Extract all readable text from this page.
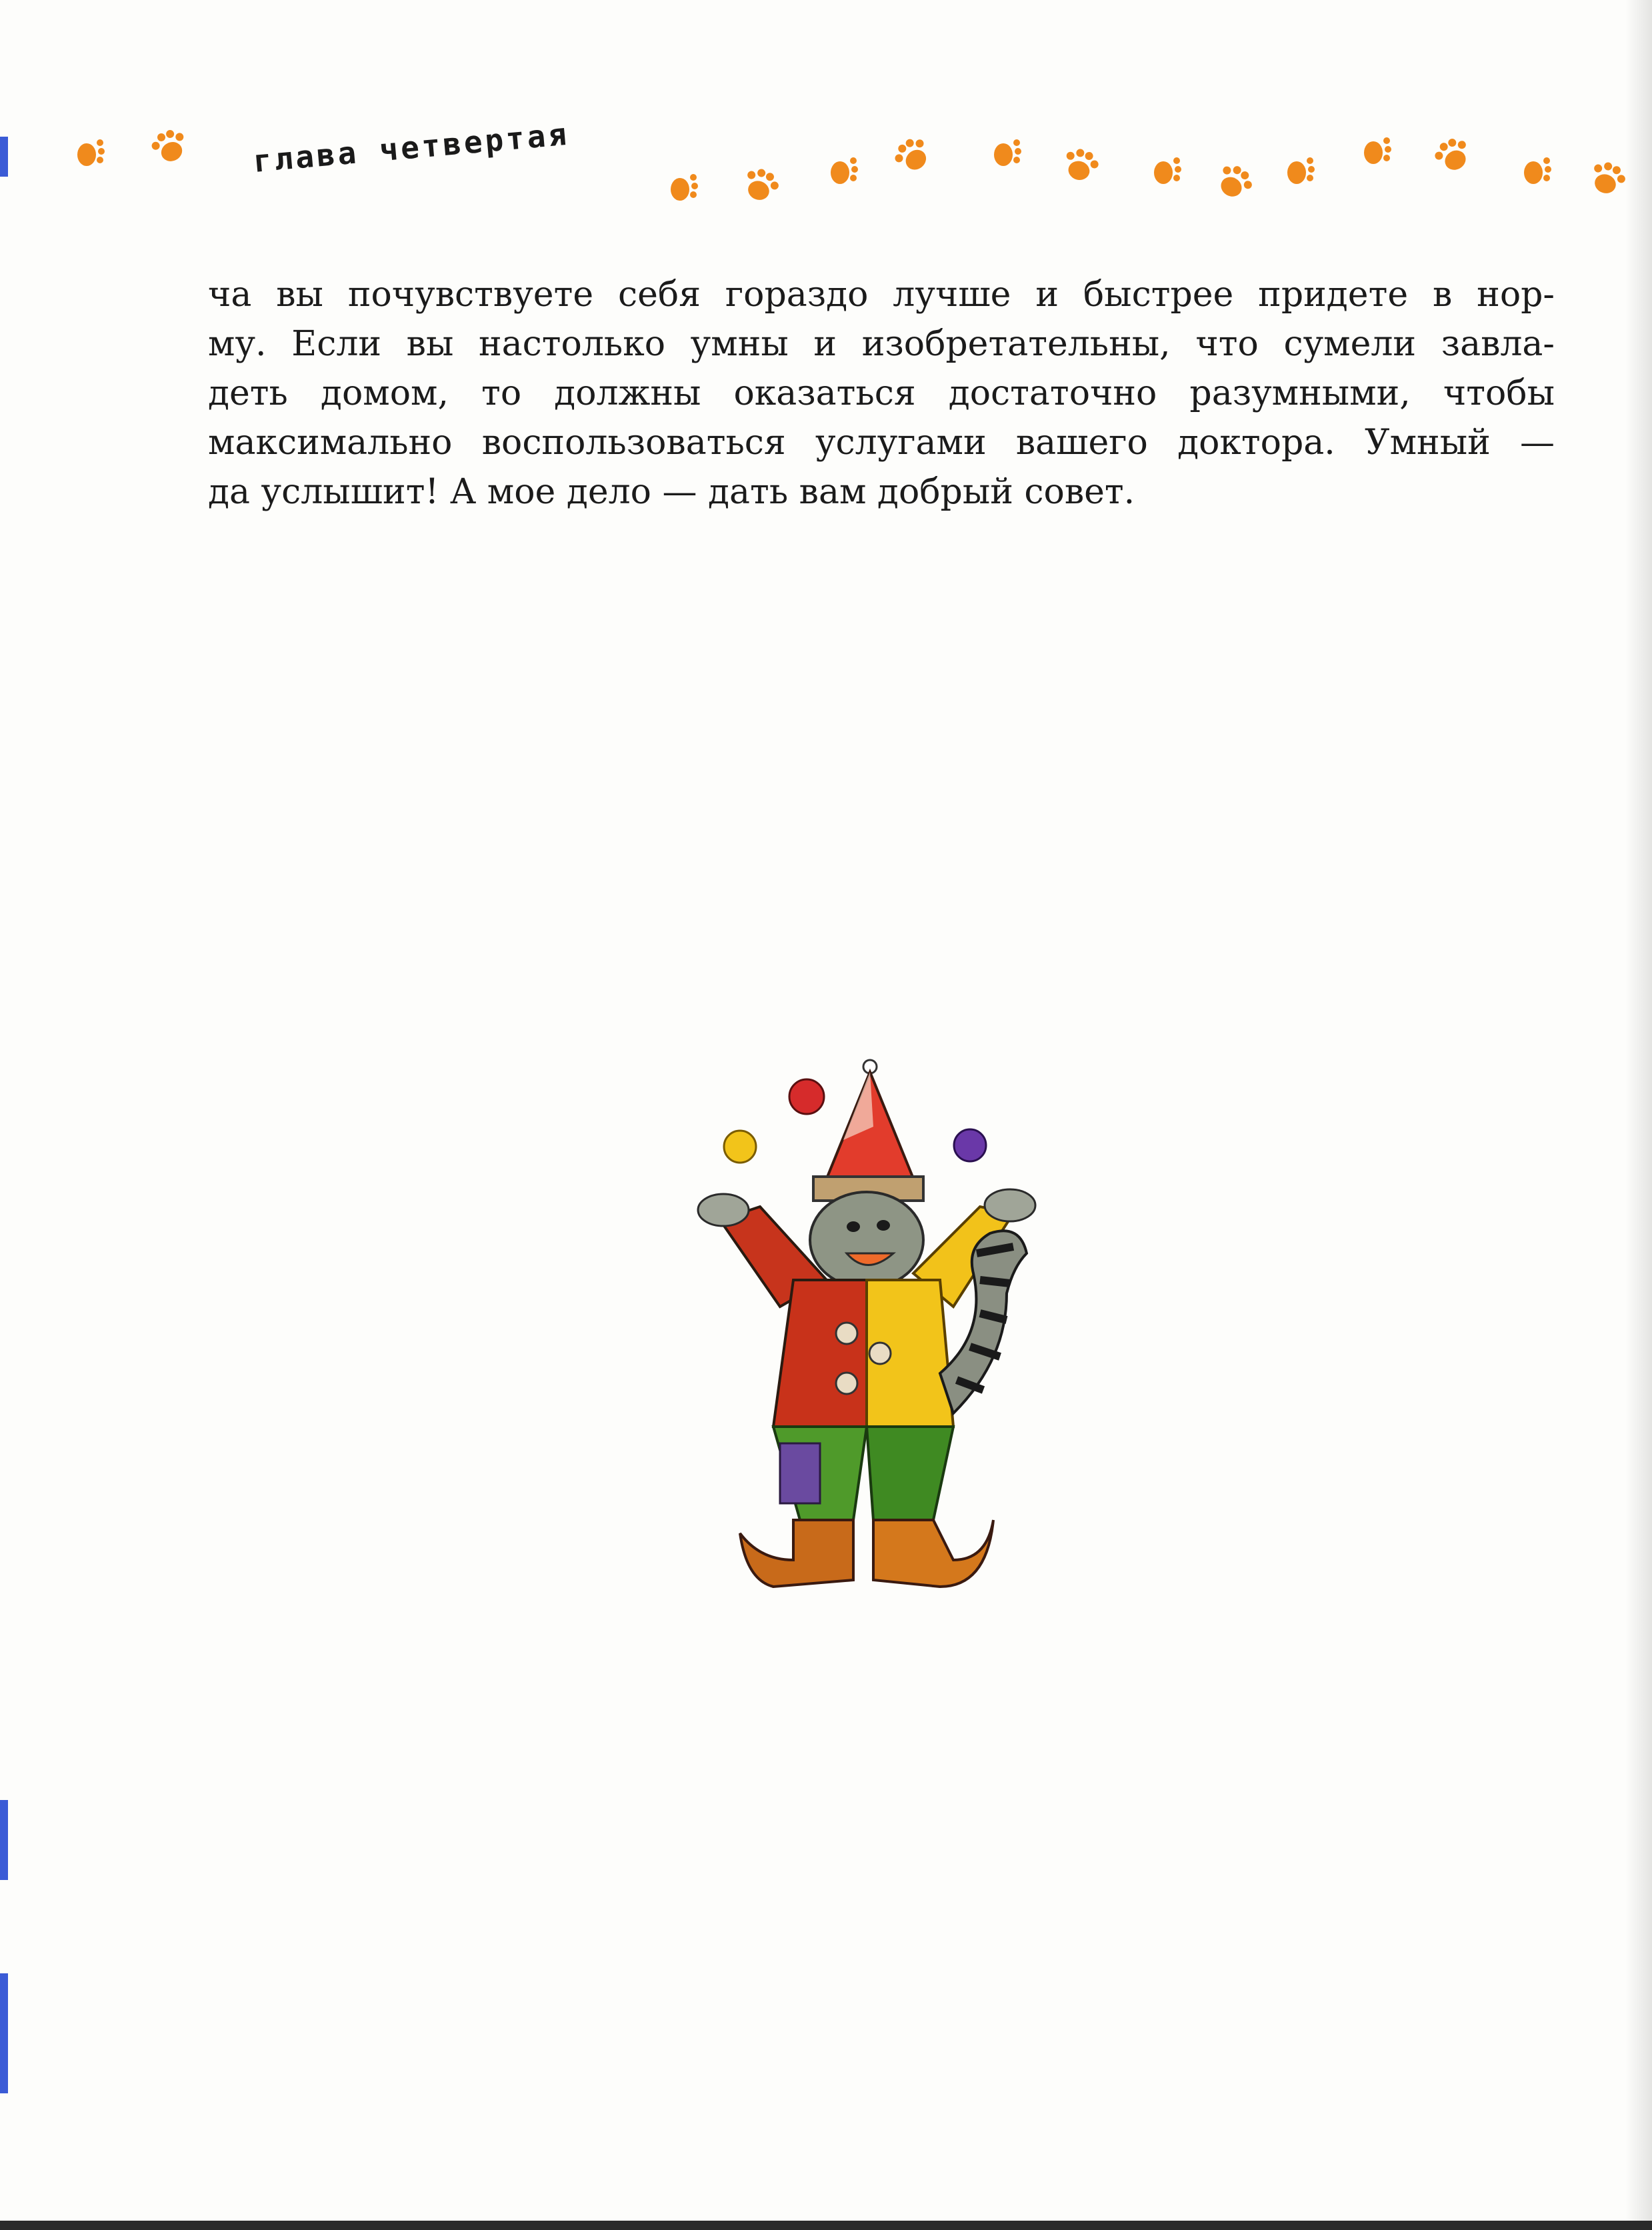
глава четвертая
ча вы почувствуете себя гораздо лучше и быстрее придете в нор-
му. Если вы настолько умны и изобретательны, что сумели завла-
деть домом, то должны оказаться достаточно разумными, чтобы
максимально воспользоваться услугами вашего доктора. Умный —
да услышит! А мое дело — дать вам добрый совет.
